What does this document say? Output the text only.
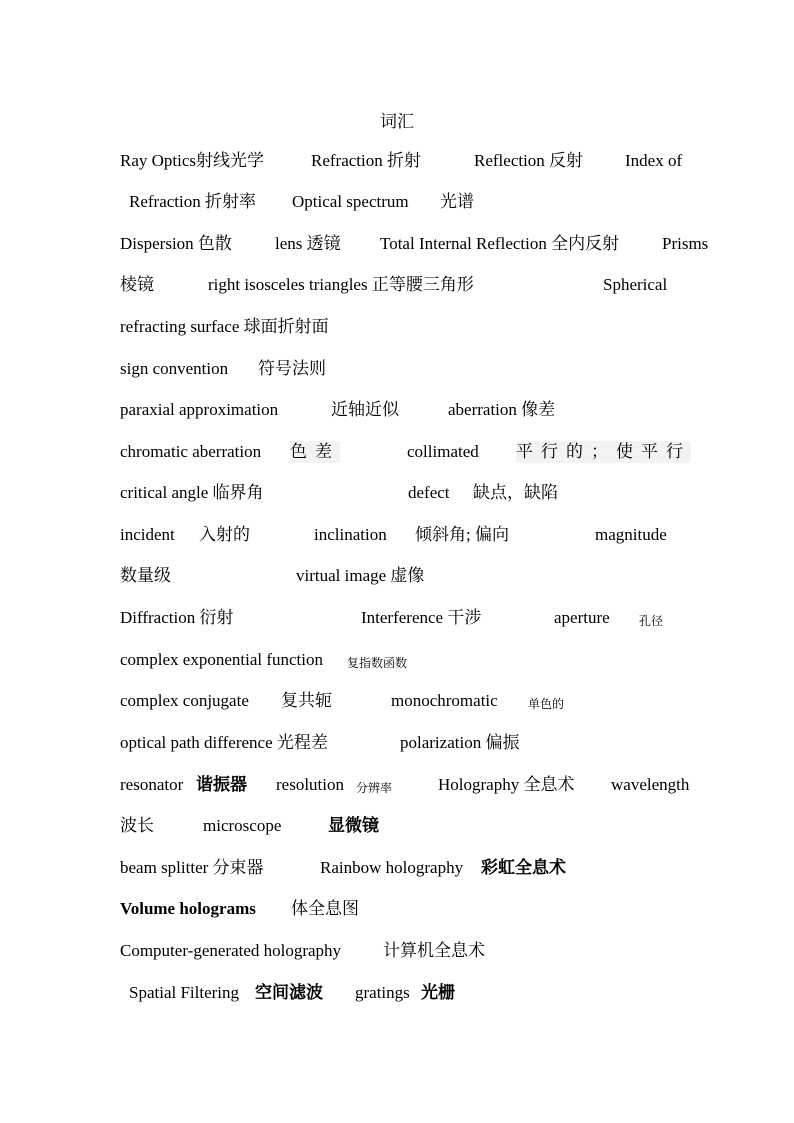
词汇
Ray Optics射线光学	Refraction 折射	Reflection 反射 Index of
Refraction 折射率 Optical spectrum 光谱
Dispersion 色散	lens 透镜 Total Internal Reflection 全内反射	Prisms
棱镜	right isosceles triangles 正等腰三角形	Spherical
refracting surface 球面折射面
sign convention 符号法则
paraxial approximation	近轴近似	aberration 像差
chromatic aberration 色差	collimated 平行的；使平行
critical angle 临界角	defect 缺点，缺陷
incident 入射的	inclination 倾斜角; 偏向	magnitude
数量级	virtual image 虚像
Diffraction 衍射	Interference 干涉	aperture 孔径
complex exponential function 复指数函数
complex conjugate 复共轭	monochromatic	单色的
optical path difference 光程差	polarization 偏振
resonator 谐振器 resolution 分辨率	Holography 全息术 wavelength
波长	microscope	显微镜
beam splitter 分束器	Rainbow holography 彩虹全息术
Volume holograms 体全息图
Computer-generated holography 计算机全息术
Spatial Filtering 空间滤波 gratings 光栅
